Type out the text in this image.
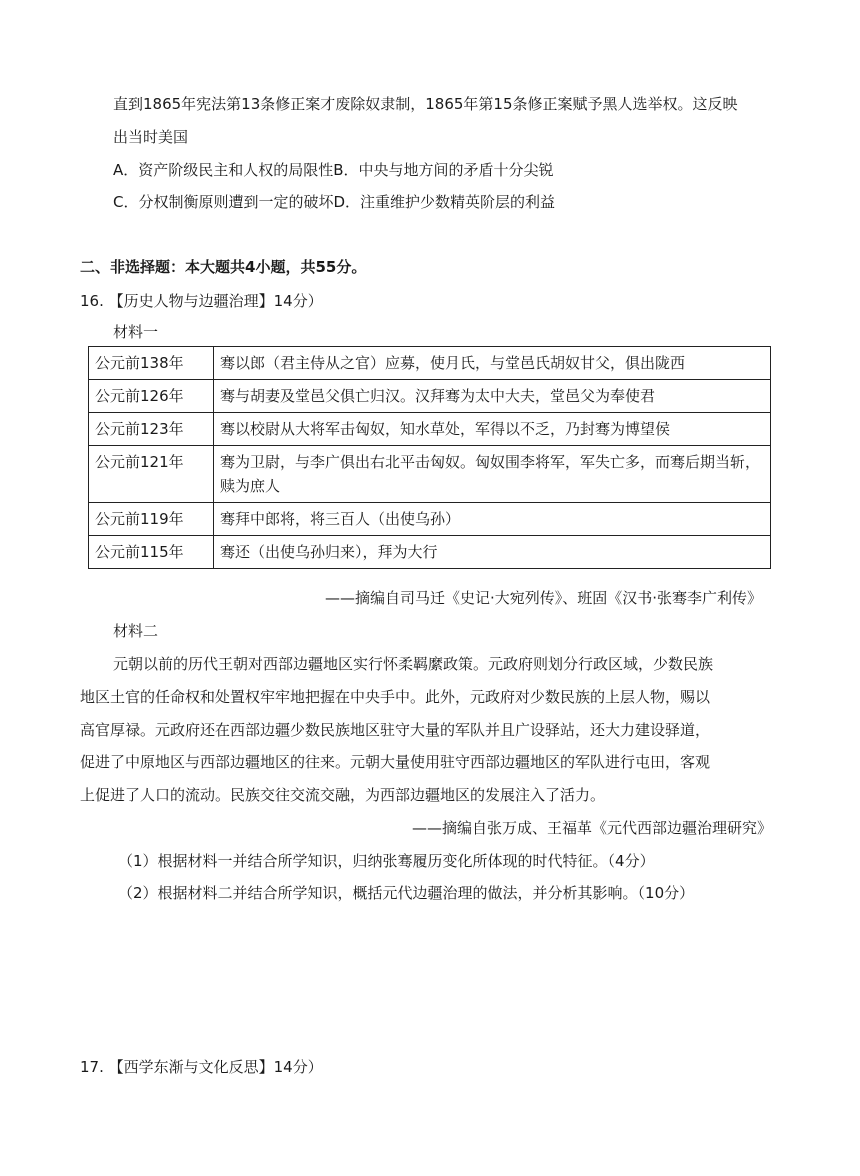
直到1865年宪法第13条修正案才废除奴隶制，1865年第15条修正案赋予黑人选举权。这反映
出当时美国
A．资产阶级民主和人权的局限性B．中央与地方间的矛盾十分尖锐
C．分权制衡原则遭到一定的破坏D．注重维护少数精英阶层的利益
二、非选择题：本大题共4小题，共55分。
16. 【历史人物与边疆治理】14分）
材料一
公元前138年	骞以郎（君主侍从之官）应募，使月氏，与堂邑氏胡奴甘父，俱出陇西
公元前126年	骞与胡妻及堂邑父俱亡归汉。汉拜骞为太中大夫，堂邑父为奉使君
公元前123年	骞以校尉从大将军击匈奴，知水草处，军得以不乏，乃封骞为博望侯
公元前121年	骞为卫尉，与李广俱出右北平击匈奴。匈奴围李将军，军失亡多，而骞后期当斩，赎为庶人
公元前119年	骞拜中郎将，将三百人（出使乌孙）
公元前115年	骞还（出使乌孙归来），拜为大行
——摘编自司马迁《史记·大宛列传》、班固《汉书·张骞李广利传》
材料二
元朝以前的历代王朝对西部边疆地区实行怀柔羁縻政策。元政府则划分行政区域，少数民族
地区土官的任命权和处置权牢牢地把握在中央手中。此外，元政府对少数民族的上层人物，赐以
高官厚禄。元政府还在西部边疆少数民族地区驻守大量的军队并且广设驿站，还大力建设驿道，
促进了中原地区与西部边疆地区的往来。元朝大量使用驻守西部边疆地区的军队进行屯田，客观
上促进了人口的流动。民族交往交流交融，为西部边疆地区的发展注入了活力。
——摘编自张万成、王福革《元代西部边疆治理研究》
（1）根据材料一并结合所学知识，归纳张骞履历变化所体现的时代特征。（4分）
（2）根据材料二并结合所学知识，概括元代边疆治理的做法，并分析其影响。（10分）
17. 【西学东渐与文化反思】14分）
